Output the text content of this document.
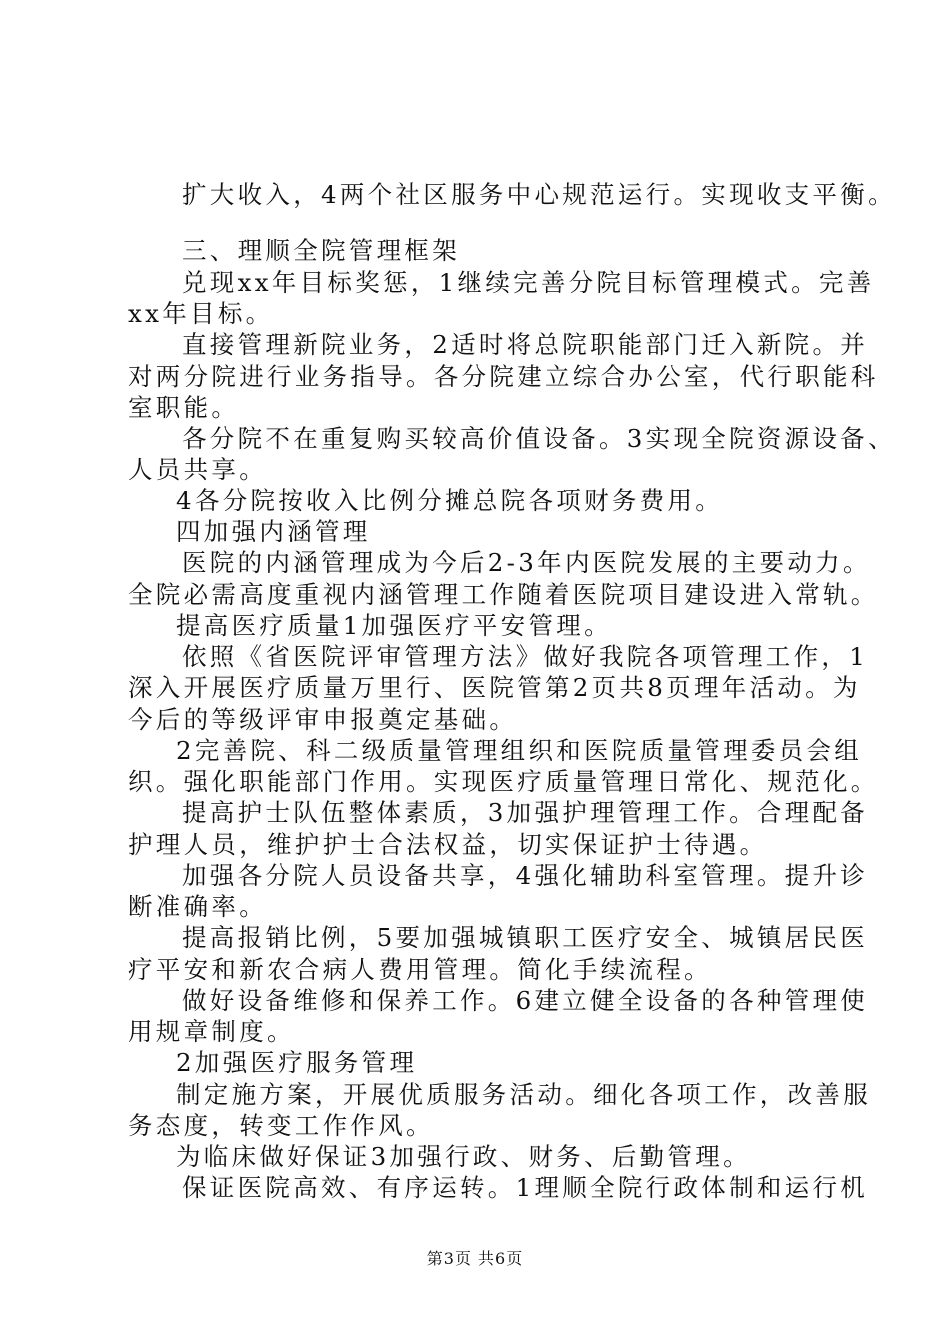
扩大收入，4两个社区服务中心规范运行。实现收支平衡。
三、理顺全院管理框架
兑现xx年目标奖惩，1继续完善分院目标管理模式。完善
xx年目标。
直接管理新院业务，2适时将总院职能部门迁入新院。并
对两分院进行业务指导。各分院建立综合办公室，代行职能科
室职能。
各分院不在重复购买较高价值设备。3实现全院资源设备、
人员共享。
4各分院按收入比例分摊总院各项财务费用。
四加强内涵管理
医院的内涵管理成为今后2-3年内医院发展的主要动力。
全院必需高度重视内涵管理工作随着医院项目建设进入常轨。
提高医疗质量1加强医疗平安管理。
依照《省医院评审管理方法》做好我院各项管理工作，1
深入开展医疗质量万里行、医院管第2页共8页理年活动。为
今后的等级评审申报奠定基础。
2完善院、科二级质量管理组织和医院质量管理委员会组
织。强化职能部门作用。实现医疗质量管理日常化、规范化。
提高护士队伍整体素质，3加强护理管理工作。合理配备
护理人员，维护护士合法权益，切实保证护士待遇。
加强各分院人员设备共享，4强化辅助科室管理。提升诊
断准确率。
提高报销比例，5要加强城镇职工医疗安全、城镇居民医
疗平安和新农合病人费用管理。简化手续流程。
做好设备维修和保养工作。6建立健全设备的各种管理使
用规章制度。
2加强医疗服务管理
制定施方案，开展优质服务活动。细化各项工作，改善服
务态度，转变工作作风。
为临床做好保证3加强行政、财务、后勤管理。
保证医院高效、有序运转。1理顺全院行政体制和运行机
第3页 共6页
